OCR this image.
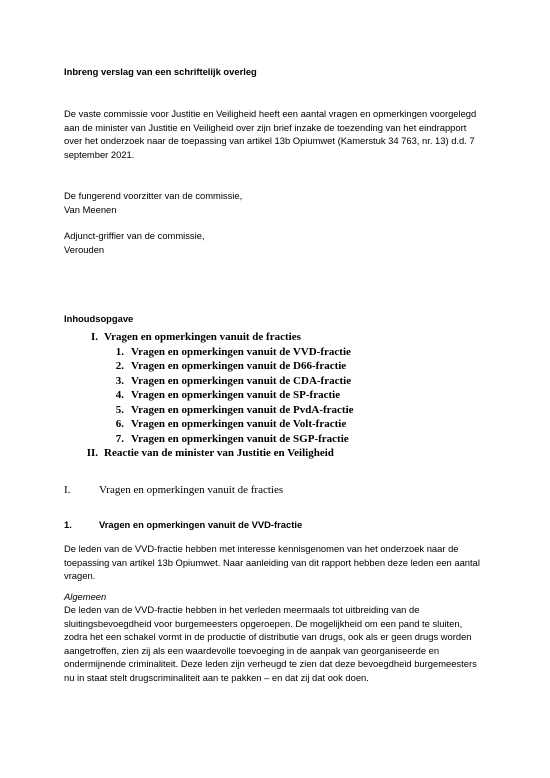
Inbreng verslag van een schriftelijk overleg

De vaste commissie voor Justitie en Veiligheid heeft een aantal vragen en opmerkingen voorgelegd
aan de minister van Justitie en Veiligheid over zijn brief inzake de toezending van het eindrapport
over het onderzoek naar de toepassing van artikel 13b Opiumwet (Kamerstuk 34 763, nr. 13) d.d. 7
september 2021.
De fungerend voorzitter van de commissie,
Van Meenen
Adjunct-griffier van de commissie,
Verouden

Inhoudsopgave

I. Vragen en opmerkingen vanuit de fracties
1. Vragen en opmerkingen vanuit de VVD-fractie
2. Vragen en opmerkingen vanuit de D66-fractie
3. Vragen en opmerkingen vanuit de CDA-fractie
4. Vragen en opmerkingen vanuit de SP-fractie
5. Vragen en opmerkingen vanuit de PvdA-fractie
6. Vragen en opmerkingen vanuit de Volt-fractie
7. Vragen en opmerkingen vanuit de SGP-fractie
II. Reactie van de minister van Justitie en Veiligheid
I.	Vragen en opmerkingen vanuit de fracties
1.	Vragen en opmerkingen vanuit de VVD-fractie
De leden van de VVD-fractie hebben met interesse kennisgenomen van het onderzoek naar de
toepassing van artikel 13b Opiumwet. Naar aanleiding van dit rapport hebben deze leden een aantal
vragen.

Algemeen

De leden van de VVD-fractie hebben in het verleden meermaals tot uitbreiding van de
sluitingsbevoegdheid voor burgemeesters opgeroepen. De mogelijkheid om een pand te sluiten,
zodra het een schakel vormt in de productie of distributie van drugs, ook als er geen drugs worden
aangetroffen, zien zij als een waardevolle toevoeging in de aanpak van georganiseerde en
ondermijnende criminaliteit. Deze leden zijn verheugd te zien dat deze bevoegdheid burgemeesters
nu in staat stelt drugscriminaliteit aan te pakken – en dat zij dat ook doen.
